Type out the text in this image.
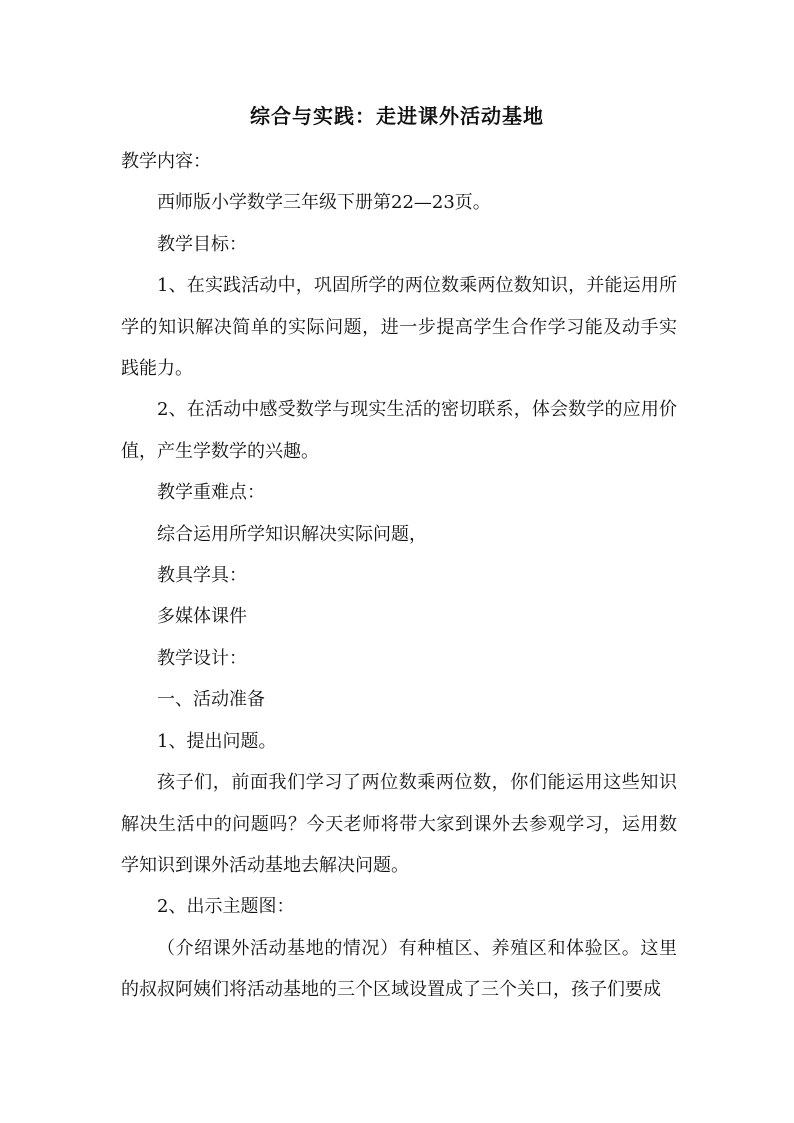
综合与实践：走进课外活动基地

教学内容：

西师版小学数学三年级下册第22—23页。

教学目标：

1、在实践活动中，巩固所学的两位数乘两位数知识，并能运用所学的知识解决简单的实际问题，进一步提高学生合作学习能及动手实践能力。

2、在活动中感受数学与现实生活的密切联系，体会数学的应用价值，产生学数学的兴趣。

教学重难点：

综合运用所学知识解决实际问题，

教具学具：

多媒体课件

教学设计：

一、活动准备

1、提出问题。

孩子们，前面我们学习了两位数乘两位数，你们能运用这些知识解决生活中的问题吗？今天老师将带大家到课外去参观学习，运用数学知识到课外活动基地去解决问题。

2、出示主题图：

（介绍课外活动基地的情况）有种植区、养殖区和体验区。这里的叔叔阿姨们将活动基地的三个区域设置成了三个关口，孩子们要成
